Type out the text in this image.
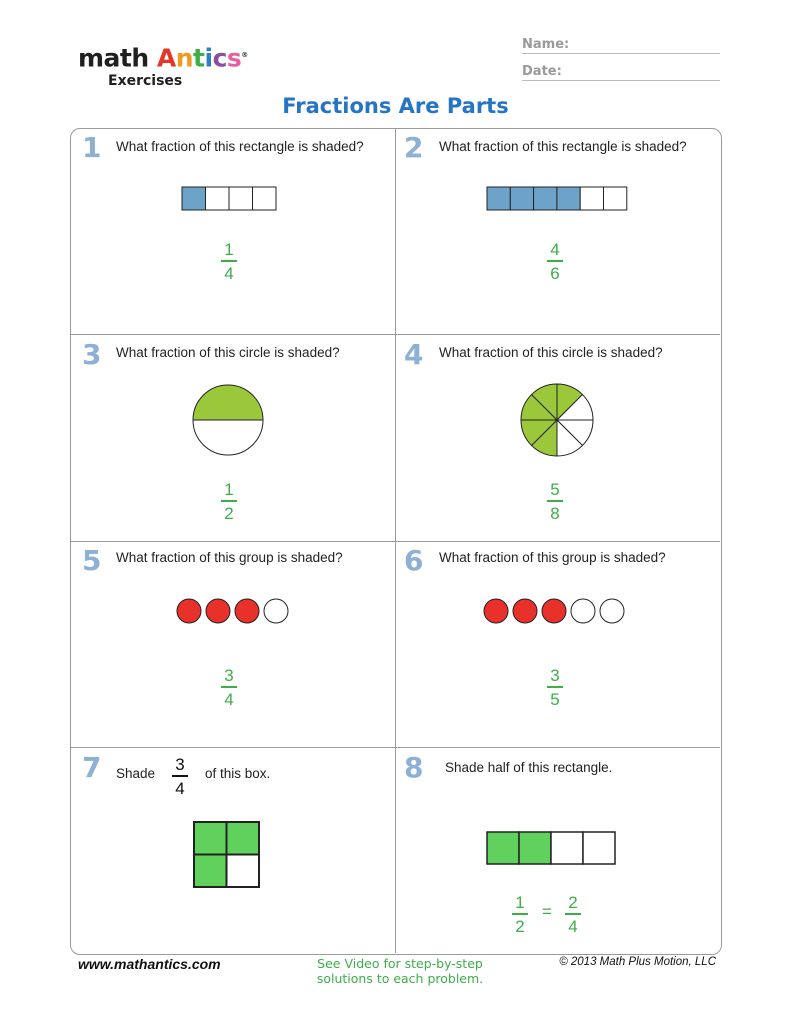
math Antics®
Exercises
Name:
Date:
Fractions Are Parts
1 What fraction of this rectangle is shaded?
1
4
2 What fraction of this rectangle is shaded?
4
6
3 What fraction of this circle is shaded?
1
2
4 What fraction of this circle is shaded?
5
8
5 What fraction of this group is shaded?
3
4
6 What fraction of this group is shaded?
3
5
7 Shade	3
4
of this box.	8 Shade half of this rectangle.
1
2
= 2
4
www.mathantics.com	See Video for step-by-step
solutions to each problem.
© 2013 Math Plus Motion, LLC
